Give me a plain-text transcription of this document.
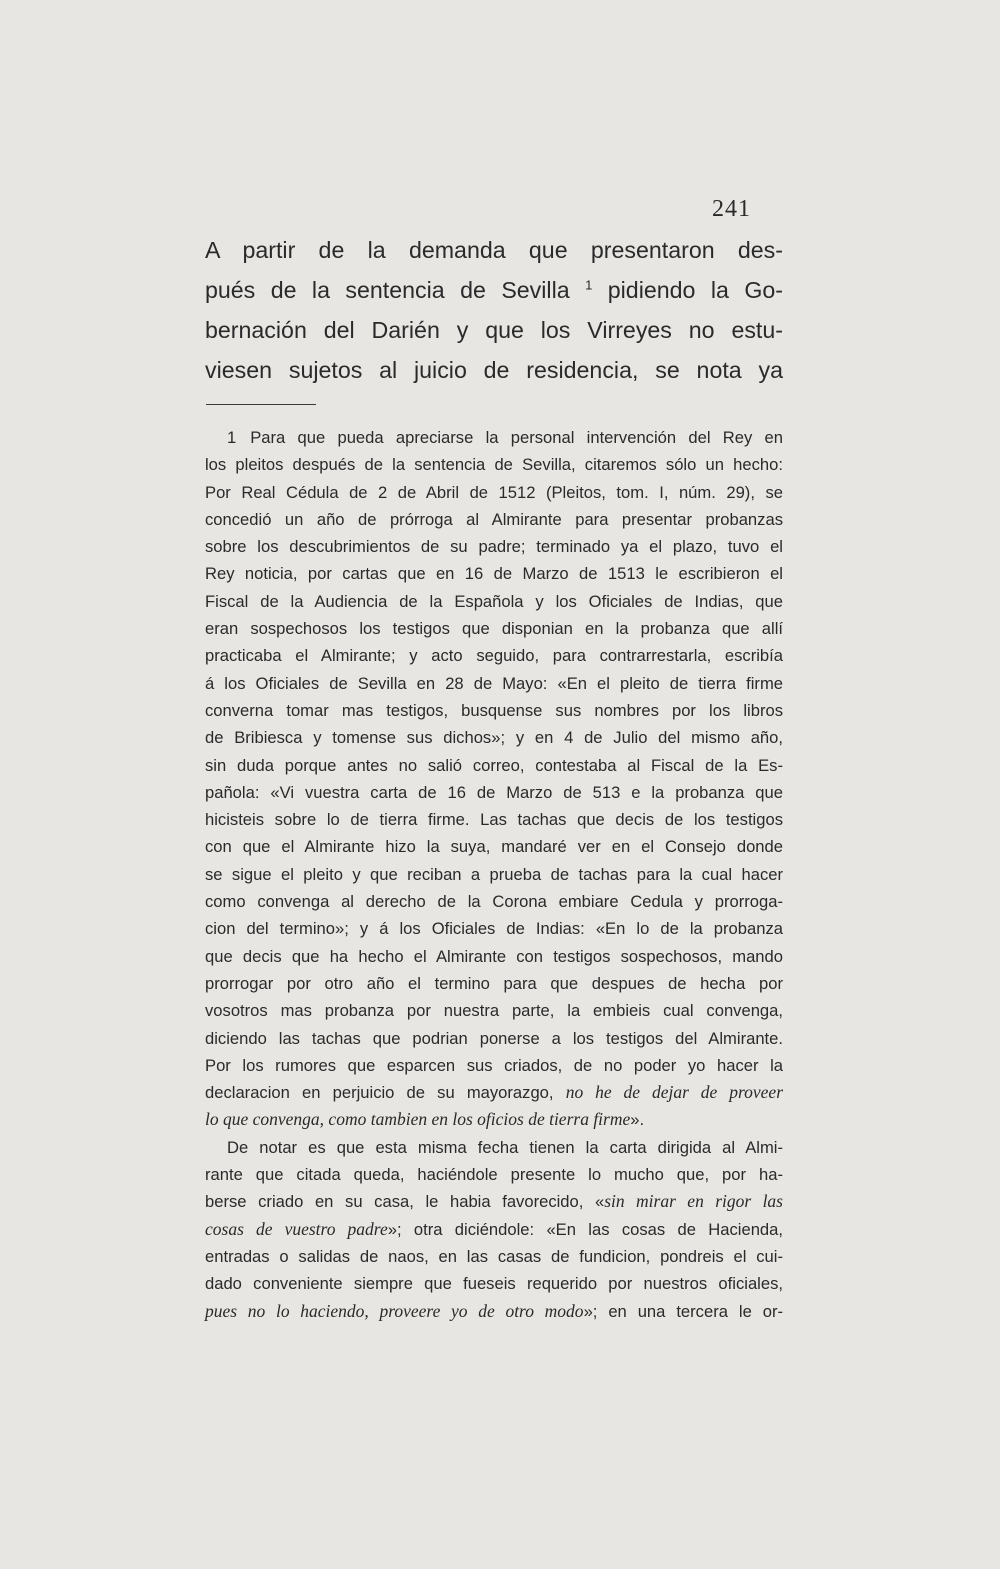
241
A partir de la demanda que presentaron des-
pués de la sentencia de Sevilla $^1$ pidiendo la Go-
bernación del Darién y que los Virreyes no estu-
viesen sujetos al juicio de residencia, se nota ya
1 Para que pueda apreciarse la personal intervención del Rey en
los pleitos después de la sentencia de Sevilla, citaremos sólo un hecho:
Por Real Cédula de 2 de Abril de 1512 (Pleitos, tom. I, núm. 29), se
concedió un año de prórroga al Almirante para presentar probanzas
sobre los descubrimientos de su padre; terminado ya el plazo, tuvo el
Rey noticia, por cartas que en 16 de Marzo de 1513 le escribieron el
Fiscal de la Audiencia de la Española y los Oficiales de Indias, que
eran sospechosos los testigos que disponian en la probanza que allí
practicaba el Almirante; y acto seguido, para contrarrestarla, escribía
á los Oficiales de Sevilla en 28 de Mayo: «En el pleito de tierra firme
converna tomar mas testigos, busquense sus nombres por los libros
de Bribiesca y tomense sus dichos»; y en 4 de Julio del mismo año,
sin duda porque antes no salió correo, contestaba al Fiscal de la Es-
pañola: «Vi vuestra carta de 16 de Marzo de 513 e la probanza que
hicisteis sobre lo de tierra firme. Las tachas que decis de los testigos
con que el Almirante hizo la suya, mandaré ver en el Consejo donde
se sigue el pleito y que reciban a prueba de tachas para la cual hacer
como convenga al derecho de la Corona embiare Cedula y prorroga-
cion del termino»; y á los Oficiales de Indias: «En lo de la probanza
que decis que ha hecho el Almirante con testigos sospechosos, mando
prorrogar por otro año el termino para que despues de hecha por
vosotros mas probanza por nuestra parte, la embieis cual convenga,
diciendo las tachas que podrian ponerse a los testigos del Almirante.
Por los rumores que esparcen sus criados, de no poder yo hacer la
declaracion en perjuicio de su mayorazgo, no he de dejar de proveer
lo que convenga, como tambien en los oficios de tierra firme».
De notar es que esta misma fecha tienen la carta dirigida al Almi-
rante que citada queda, haciéndole presente lo mucho que, por ha-
berse criado en su casa, le habia favorecido, «sin mirar en rigor las
cosas de vuestro padre»; otra diciéndole: «En las cosas de Hacienda,
entradas o salidas de naos, en las casas de fundicion, pondreis el cui-
dado conveniente siempre que fueseis requerido por nuestros oficiales,
pues no lo haciendo, proveere yo de otro modo»; en una tercera le or-
